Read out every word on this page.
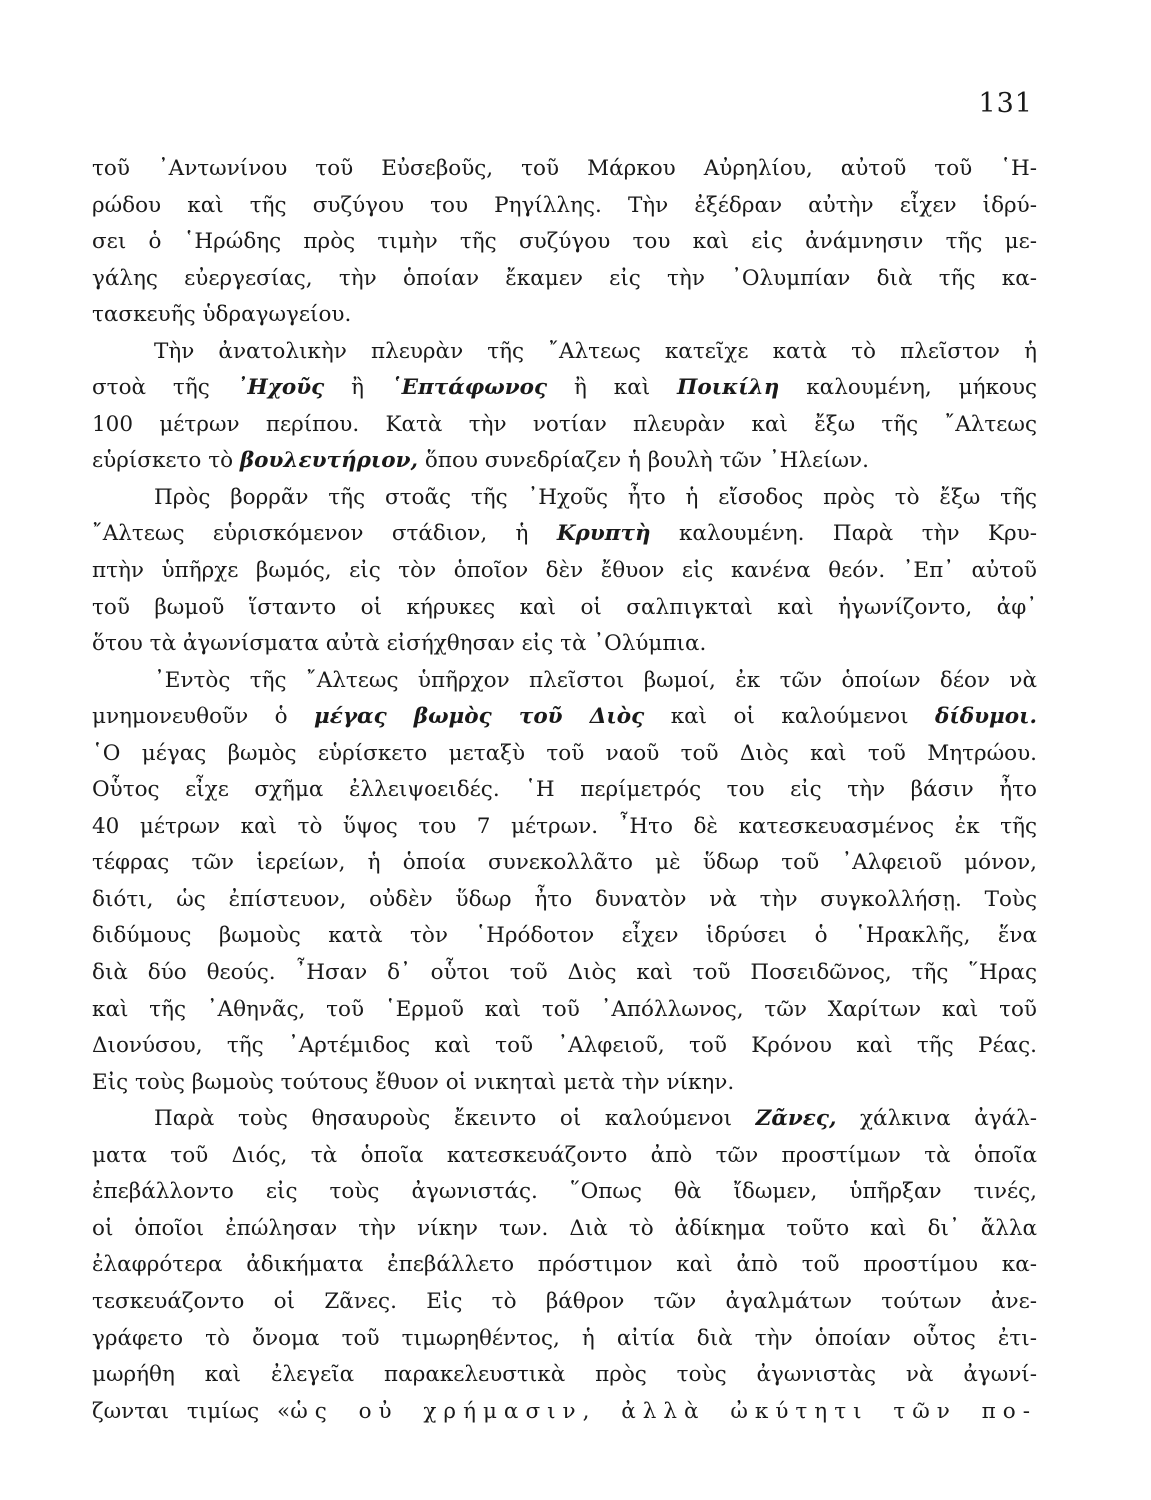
131
τοῦ ᾿Αντωνίνου τοῦ Εὐσεβοῦς, τοῦ Μάρκου Αὐρηλίου, αὐτοῦ τοῦ ῾Η-
ρώδου καὶ τῆς συζύγου του Ρηγίλλης. Τὴν ἐξέδραν αὐτὴν εἶχεν ἱδρύ-
σει ὁ ῾Ηρώδης πρὸς τιμὴν τῆς συζύγου του καὶ εἰς ἀνάμνησιν τῆς με-
γάλης εὐεργεσίας, τὴν ὁποίαν ἔκαμεν εἰς τὴν ᾿Ολυμπίαν διὰ τῆς κα-
τασκευῆς ὑδραγωγείου.
Τὴν ἀνατολικὴν πλευρὰν τῆς ῎Αλτεως κατεῖχε κατὰ τὸ πλεῖστον ἡ
στοὰ τῆς ᾿Ηχοῦς ἢ ῾Επτάφωνος ἢ καὶ Ποικίλη καλουμένη, μήκους
100 μέτρων περίπου. Κατὰ τὴν νοτίαν πλευρὰν καὶ ἔξω τῆς ῎Αλτεως
εὑρίσκετο τὸ βουλευτήριον, ὅπου συνεδρίαζεν ἡ βουλὴ τῶν ᾿Ηλείων.
Πρὸς βορρᾶν τῆς στοᾶς τῆς ᾿Ηχοῦς ἦτο ἡ εἴσοδος πρὸς τὸ ἔξω τῆς
῎Αλτεως εὑρισκόμενον στάδιον, ἡ Κρυπτὴ καλουμένη. Παρὰ τὴν Κρυ-
πτὴν ὑπῆρχε βωμός, εἰς τὸν ὁποῖον δὲν ἔθυον εἰς κανένα θεόν. ᾿Επ᾿ αὐτοῦ
τοῦ βωμοῦ ἵσταντο οἱ κήρυκες καὶ οἱ σαλπιγκταὶ καὶ ἠγωνίζοντο, ἀφ᾿
ὅτου τὰ ἀγωνίσματα αὐτὰ εἰσήχθησαν εἰς τὰ ᾿Ολύμπια.
᾿Εντὸς τῆς ῎Αλτεως ὑπῆρχον πλεῖστοι βωμοί, ἐκ τῶν ὁποίων δέον νὰ
μνημονευθοῦν ὁ μέγας βωμὸς τοῦ Διὸς καὶ οἱ καλούμενοι δίδυμοι.
῾Ο μέγας βωμὸς εὑρίσκετο μεταξὺ τοῦ ναοῦ τοῦ Διὸς καὶ τοῦ Μητρώου.
Οὗτος εἶχε σχῆμα ἐλλειψοειδές. ῾Η περίμετρός του εἰς τὴν βάσιν ἦτο
40 μέτρων καὶ τὸ ὕψος του 7 μέτρων. ῏Ητο δὲ κατεσκευασμένος ἐκ τῆς
τέφρας τῶν ἱερείων, ἡ ὁποία συνεκολλᾶτο μὲ ὕδωρ τοῦ ᾿Αλφειοῦ μόνον,
διότι, ὡς ἐπίστευον, οὐδὲν ὕδωρ ἦτο δυνατὸν νὰ τὴν συγκολλήσῃ. Τοὺς
διδύμους βωμοὺς κατὰ τὸν ῾Ηρόδοτον εἶχεν ἱδρύσει ὁ ῾Ηρακλῆς, ἕνα
διὰ δύο θεούς. ῏Ησαν δ᾿ οὗτοι τοῦ Διὸς καὶ τοῦ Ποσειδῶνος, τῆς ῞Ηρας
καὶ τῆς ᾿Αθηνᾶς, τοῦ ῾Ερμοῦ καὶ τοῦ ᾿Απόλλωνος, τῶν Χαρίτων καὶ τοῦ
Διονύσου, τῆς ᾿Αρτέμιδος καὶ τοῦ ᾿Αλφειοῦ, τοῦ Κρόνου καὶ τῆς Ρέας.
Εἰς τοὺς βωμοὺς τούτους ἔθυον οἱ νικηταὶ μετὰ τὴν νίκην.
Παρὰ τοὺς θησαυροὺς ἔκειντο οἱ καλούμενοι Ζᾶνες, χάλκινα ἀγάλ-
ματα τοῦ Διός, τὰ ὁποῖα κατεσκευάζοντο ἀπὸ τῶν προστίμων τὰ ὁποῖα
ἐπεβάλλοντο εἰς τοὺς ἀγωνιστάς. ῞Οπως θὰ ἴδωμεν, ὑπῆρξαν τινές,
οἱ ὁποῖοι ἐπώλησαν τὴν νίκην των. Διὰ τὸ ἀδίκημα τοῦτο καὶ δι᾿ ἄλλα
ἐλαφρότερα ἀδικήματα ἐπεβάλλετο πρόστιμον καὶ ἀπὸ τοῦ προστίμου κα-
τεσκευάζοντο οἱ Ζᾶνες. Εἰς τὸ βάθρον τῶν ἀγαλμάτων τούτων ἀνε-
γράφετο τὸ ὄνομα τοῦ τιμωρηθέντος, ἡ αἰτία διὰ τὴν ὁποίαν οὗτος ἐτι-
μωρήθη καὶ ἐλεγεῖα παρακελευστικὰ πρὸς τοὺς ἀγωνιστὰς νὰ ἀγωνί-
ζωνται τιμίως «ὡς οὐ χρήμασιν, ἀλλὰ ὠκύτητι τῶν πο-
